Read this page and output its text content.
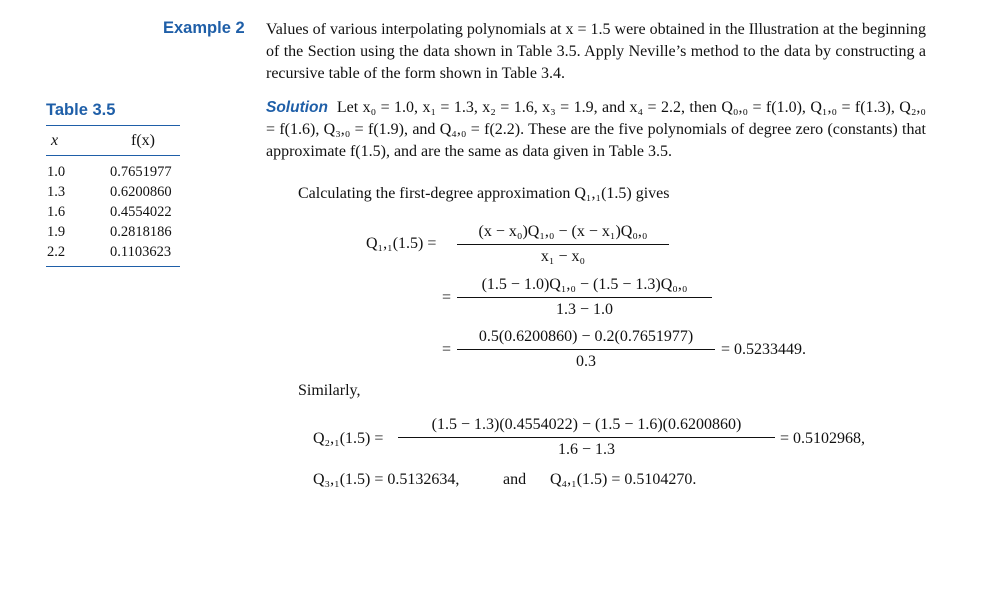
Example 2 Values of various interpolating polynomials at x = 1.5 were obtained in the Illustration at the beginning of the Section using the data shown in Table 3.5. Apply Neville’s method to the data by constructing a recursive table of the form shown in Table 3.4.
Table 3.5
x	f(x)
1.0
1.3
1.6
1.9
2.2
0.7651977
0.6200860
0.4554022
0.2818186
0.1103623
Solution Let x₀ = 1.0, x₁ = 1.3, x₂ = 1.6, x₃ = 1.9, and x₄ = 2.2, then Q₀,₀ = f(1.0), Q₁,₀ = f(1.3), Q₂,₀ = f(1.6), Q₃,₀ = f(1.9), and Q₄,₀ = f(2.2). These are the five polynomials of degree zero (constants) that approximate f(1.5), and are the same as data given in Table 3.5.
Calculating the first-degree approximation Q₁,₁(1.5) gives
Q₁,₁(1.5) =
(x − x₀)Q₁,₀ − (x − x₁)Q₀,₀
x₁ − x₀
=
(1.5 − 1.0)Q₁,₀ − (1.5 − 1.3)Q₀,₀
1.3 − 1.0
=
0.5(0.6200860) − 0.2(0.7651977)
0.3
= 0.5233449.
Similarly,
Q₂,₁(1.5) =
(1.5 − 1.3)(0.4554022) − (1.5 − 1.6)(0.6200860)
1.6 − 1.3
= 0.5102968,
Q₃,₁(1.5) = 0.5132634,	and Q₄,₁(1.5) = 0.5104270.
